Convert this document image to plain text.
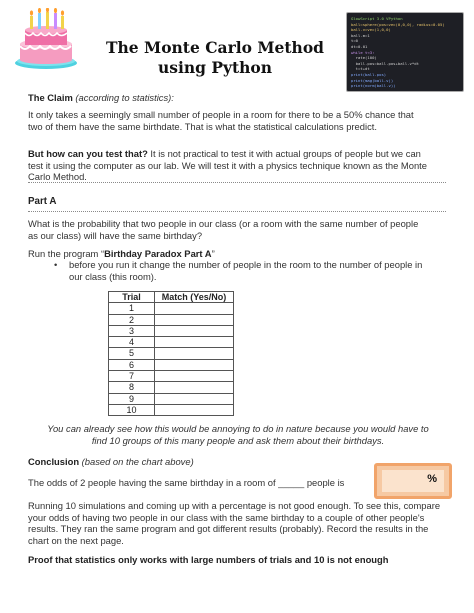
The Monte Carlo Method
using Python
GlowScript 3.0 VPython
ball=sphere(pos=vec(0,0,0), radius=0.05)
ball.v=vec(1,0,0)
ball.m=1
t=0
dt=0.01
while t<3:
rate(100)
ball.pos=ball.pos+ball.v*dt
t=t+dt
print(ball.pos)
print(mag(ball.v))
print(norm(ball.v))
The Claim (according to statistics):
It only takes a seemingly small number of people in a room for there to be a 50% chance that two of them have the same birthdate. That is what the statistical calculations predict.
But how can you test that? It is not practical to test it with actual groups of people but we can test it using the computer as our lab. We will test it with a physics technique known as the Monte Carlo Method.
Part A
What is the probability that two people in our class (or a room with the same number of people as our class) will have the same birthday?
Run the program “Birthday Paradox Part A”
• before you run it change the number of people in the room to the number of people in our class (this room).
Trial	Match (Yes/No)
1	
2	
3	
4	
5	
6	
7	
8	
9	
10	
You can already see how this would be annoying to do in nature because you would have to find 10 groups of this many people and ask them about their birthdays.
Conclusion (based on the chart above)
The odds of 2 people having the same birthday in a room of _____ people is	%
Running 10 simulations and coming up with a percentage is not good enough. To see this, compare your odds of having two people in our class with the same birthday to a couple of other people's results. They ran the same program and got different results (probably). Record the results in the chart on the next page.
Proof that statistics only works with large numbers of trials and 10 is not enough
